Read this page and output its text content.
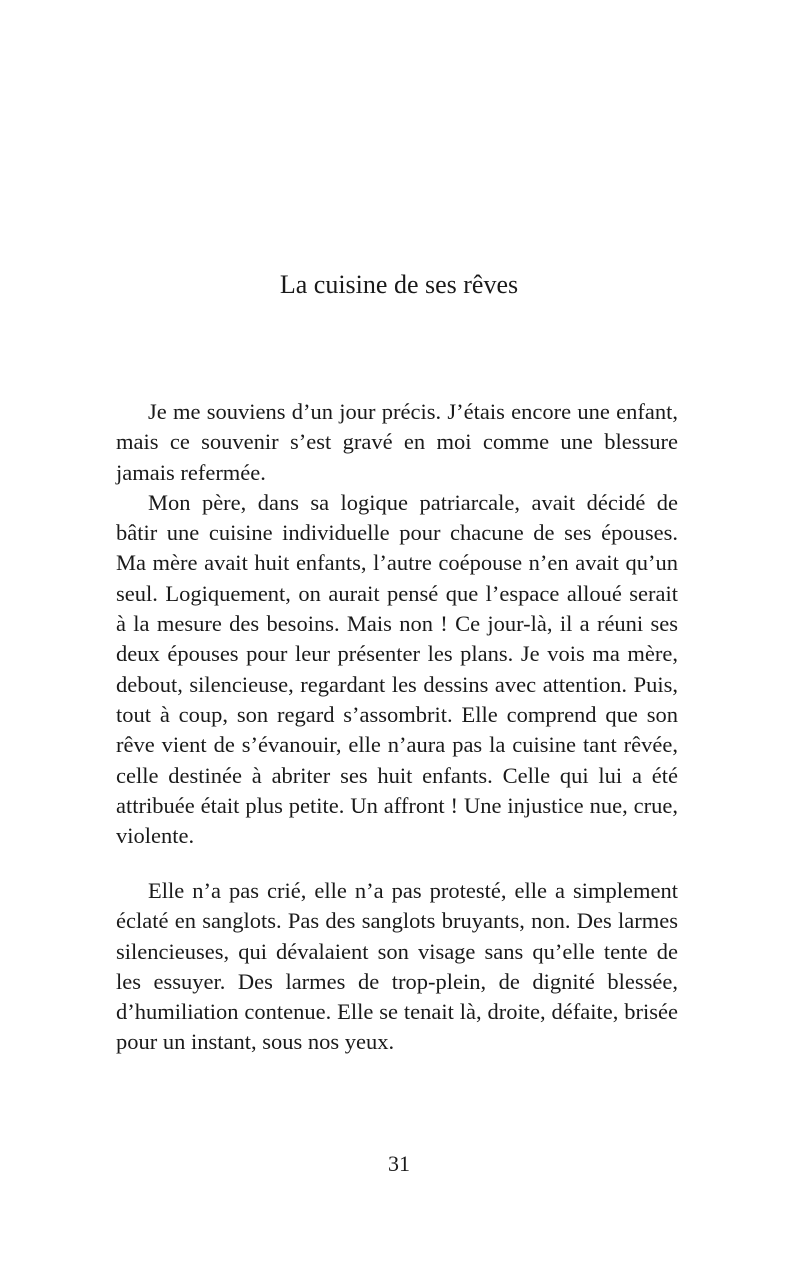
La cuisine de ses rêves

Je me souviens d’un jour précis. J’étais encore une enfant, mais ce souvenir s’est gravé en moi comme une blessure jamais refermée.

Mon père, dans sa logique patriarcale, avait décidé de bâtir une cuisine individuelle pour chacune de ses épouses. Ma mère avait huit enfants, l’autre coépouse n’en avait qu’un seul. Logiquement, on aurait pensé que l’espace alloué serait à la mesure des besoins. Mais non ! Ce jour-là, il a réuni ses deux épouses pour leur présenter les plans. Je vois ma mère, debout, silencieuse, regardant les dessins avec attention. Puis, tout à coup, son regard s’assombrit. Elle comprend que son rêve vient de s’évanouir, elle n’aura pas la cuisine tant rêvée, celle destinée à abriter ses huit enfants. Celle qui lui a été attribuée était plus petite. Un affront ! Une injustice nue, crue, violente.

Elle n’a pas crié, elle n’a pas protesté, elle a simplement éclaté en sanglots. Pas des sanglots bruyants, non. Des larmes silencieuses, qui dévalaient son visage sans qu’elle tente de les essuyer. Des larmes de trop-plein, de dignité blessée, d’humiliation contenue. Elle se tenait là, droite, défaite, brisée pour un instant, sous nos yeux.

31
